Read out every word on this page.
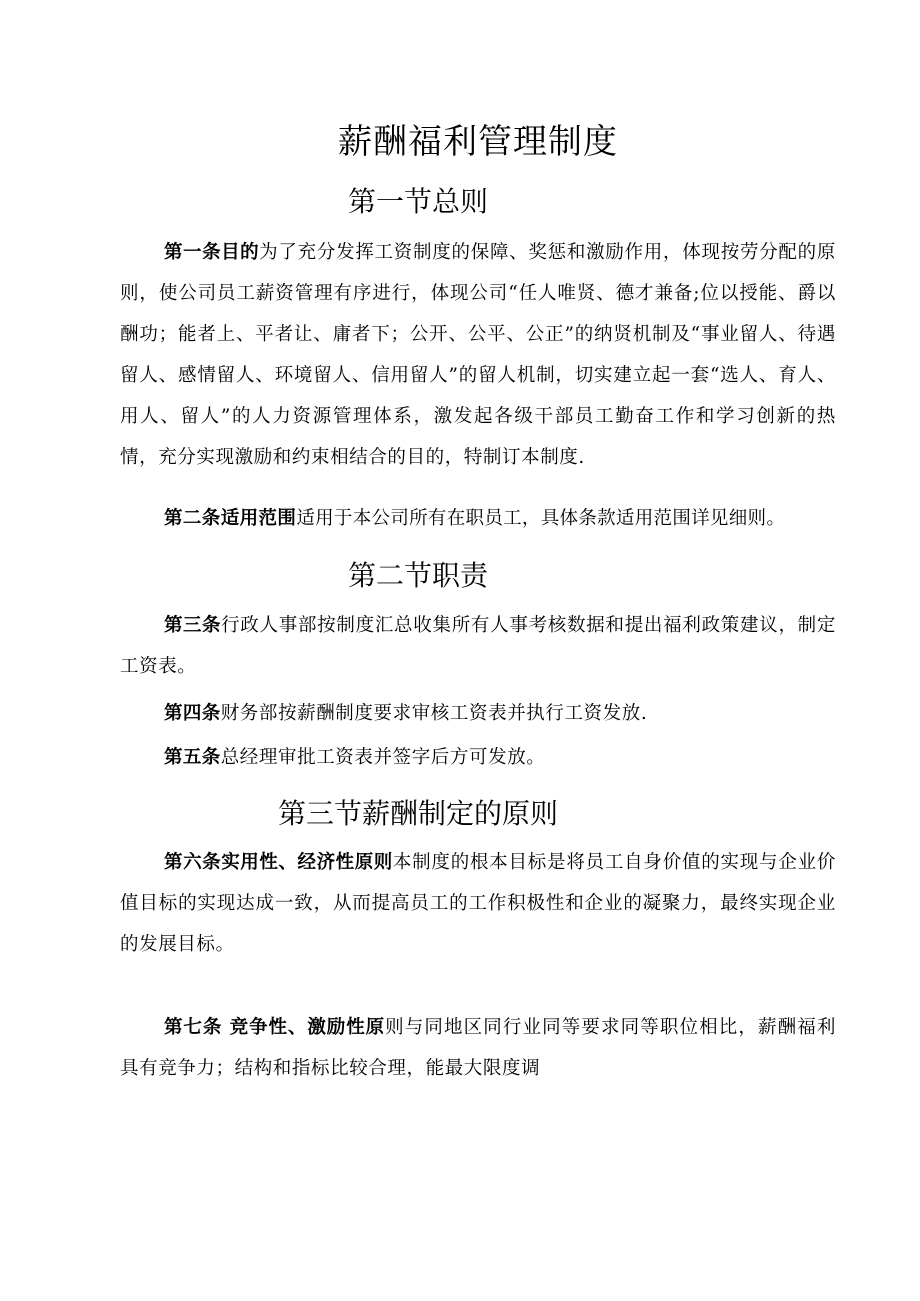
薪酬福利管理制度
第一节总则

第一条目的为了充分发挥工资制度的保障、奖惩和激励作用，体现按劳分配的原则，使公司员工薪资管理有序进行，体现公司“任人唯贤、德才兼备;位以授能、爵以酬功；能者上、平者让、庸者下；公开、公平、公正”的纳贤机制及“事业留人、待遇留人、感情留人、环境留人、信用留人”的留人机制，切实建立起一套“选人、育人、用人、留人”的人力资源管理体系，激发起各级干部员工勤奋工作和学习创新的热情，充分实现激励和约束相结合的目的，特制订本制度.

第二条适用范围适用于本公司所有在职员工，具体条款适用范围详见细则。

第二节职责

第三条行政人事部按制度汇总收集所有人事考核数据和提出福利政策建议，制定工资表。

第四条财务部按薪酬制度要求审核工资表并执行工资发放.

第五条总经理审批工资表并签字后方可发放。

第三节薪酬制定的原则

第六条实用性、经济性原则本制度的根本目标是将员工自身价值的实现与企业价值目标的实现达成一致，从而提高员工的工作积极性和企业的凝聚力，最终实现企业的发展目标。

第七条 竞争性、激励性原则与同地区同行业同等要求同等职位相比，薪酬福利具有竞争力；结构和指标比较合理，能最大限度调
